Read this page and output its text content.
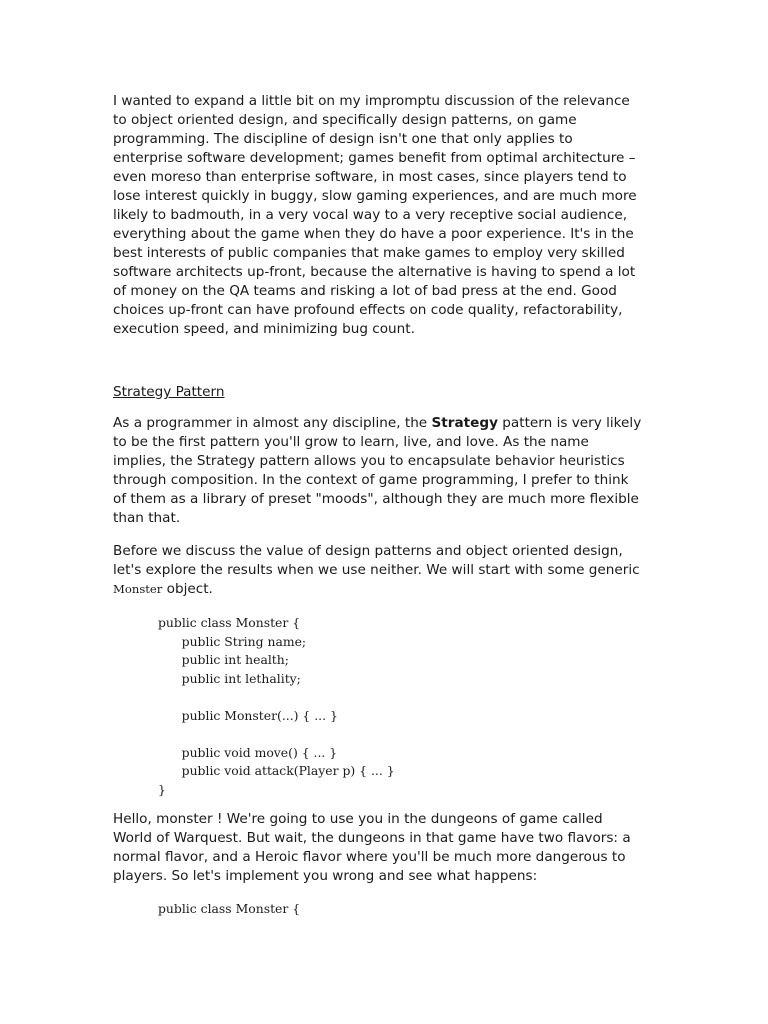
I wanted to expand a little bit on my impromptu discussion of the relevance
to object oriented design, and specifically design patterns, on game
programming. The discipline of design isn't one that only applies to
enterprise software development; games benefit from optimal architecture –
even moreso than enterprise software, in most cases, since players tend to
lose interest quickly in buggy, slow gaming experiences, and are much more
likely to badmouth, in a very vocal way to a very receptive social audience,
everything about the game when they do have a poor experience. It's in the
best interests of public companies that make games to employ very skilled
software architects up-front, because the alternative is having to spend a lot
of money on the QA teams and risking a lot of bad press at the end. Good
choices up-front can have profound effects on code quality, refactorability,
execution speed, and minimizing bug count.

Strategy Pattern

As a programmer in almost any discipline, the Strategy pattern is very likely
to be the first pattern you'll grow to learn, live, and love. As the name
implies, the Strategy pattern allows you to encapsulate behavior heuristics
through composition. In the context of game programming, I prefer to think
of them as a library of preset "moods", although they are much more flexible
than that.

Before we discuss the value of design patterns and object oriented design,
let's explore the results when we use neither. We will start with some generic
Monster object.

public class Monster {
public String name;
public int health;
public int lethality;

public Monster(...) { ... }

public void move() { ... }
public void attack(Player p) { ... }
}

Hello, monster ! We're going to use you in the dungeons of game called
World of Warquest. But wait, the dungeons in that game have two flavors: a
normal flavor, and a Heroic flavor where you'll be much more dangerous to
players. So let's implement you wrong and see what happens:

public class Monster {
